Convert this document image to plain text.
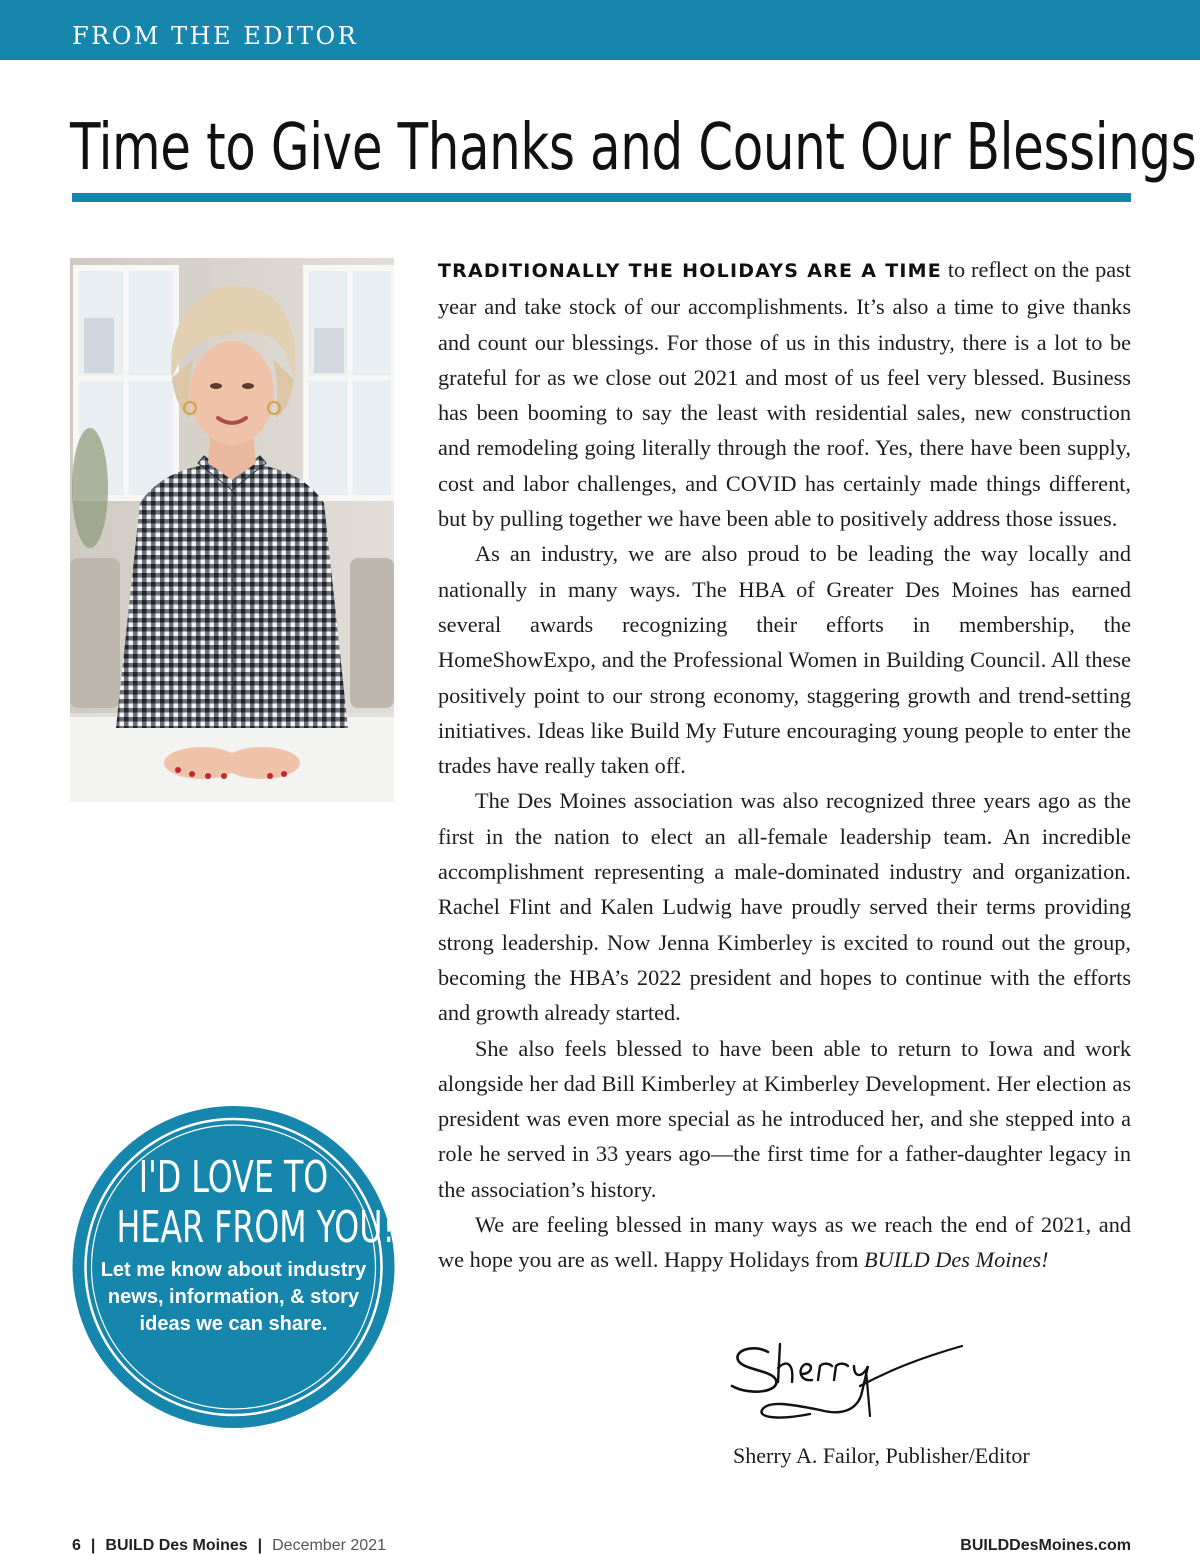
FROM THE EDITOR
Time to Give Thanks and Count Our Blessings

TRADITIONALLY THE HOLIDAYS ARE A TIME to reflect on the past year and take stock of our accomplishments. It’s also a time to give thanks and count our blessings. For those of us in this industry, there is a lot to be grateful for as we close out 2021 and most of us feel very blessed. Business has been booming to say the least with residential sales, new construction and remodeling going literally through the roof. Yes, there have been supply, cost and labor challenges, and COVID has certainly made things different, but by pulling together we have been able to positively address those issues.

As an industry, we are also proud to be leading the way locally and nationally in many ways. The HBA of Greater Des Moines has earned several awards recognizing their efforts in membership, the HomeShowExpo, and the Professional Women in Building Council. All these positively point to our strong economy, staggering growth and trend-setting initiatives. Ideas like Build My Future encouraging young people to enter the trades have really taken off.

The Des Moines association was also recognized three years ago as the first in the nation to elect an all-female leadership team. An incredible accomplishment representing a male-dominated industry and organization. Rachel Flint and Kalen Ludwig have proudly served their terms providing strong leadership. Now Jenna Kimberley is excited to round out the group, becoming the HBA’s 2022 president and hopes to continue with the efforts and growth already started.

She also feels blessed to have been able to return to Iowa and work alongside her dad Bill Kimberley at Kimberley Development. Her election as president was even more special as he introduced her, and she stepped into a role he served in 33 years ago—the first time for a father-daughter legacy in the association’s history.

We are feeling blessed in many ways as we reach the end of 2021, and we hope you are as well. Happy Holidays from BUILD Des Moines!

I'D LOVE TO
HEAR FROM YOU!
Let me know about industry news, information, & story ideas we can share.
Sherry A. Failor, Publisher/Editor
6 | BUILD Des Moines | December 2021	BUILDDesMoines.com
